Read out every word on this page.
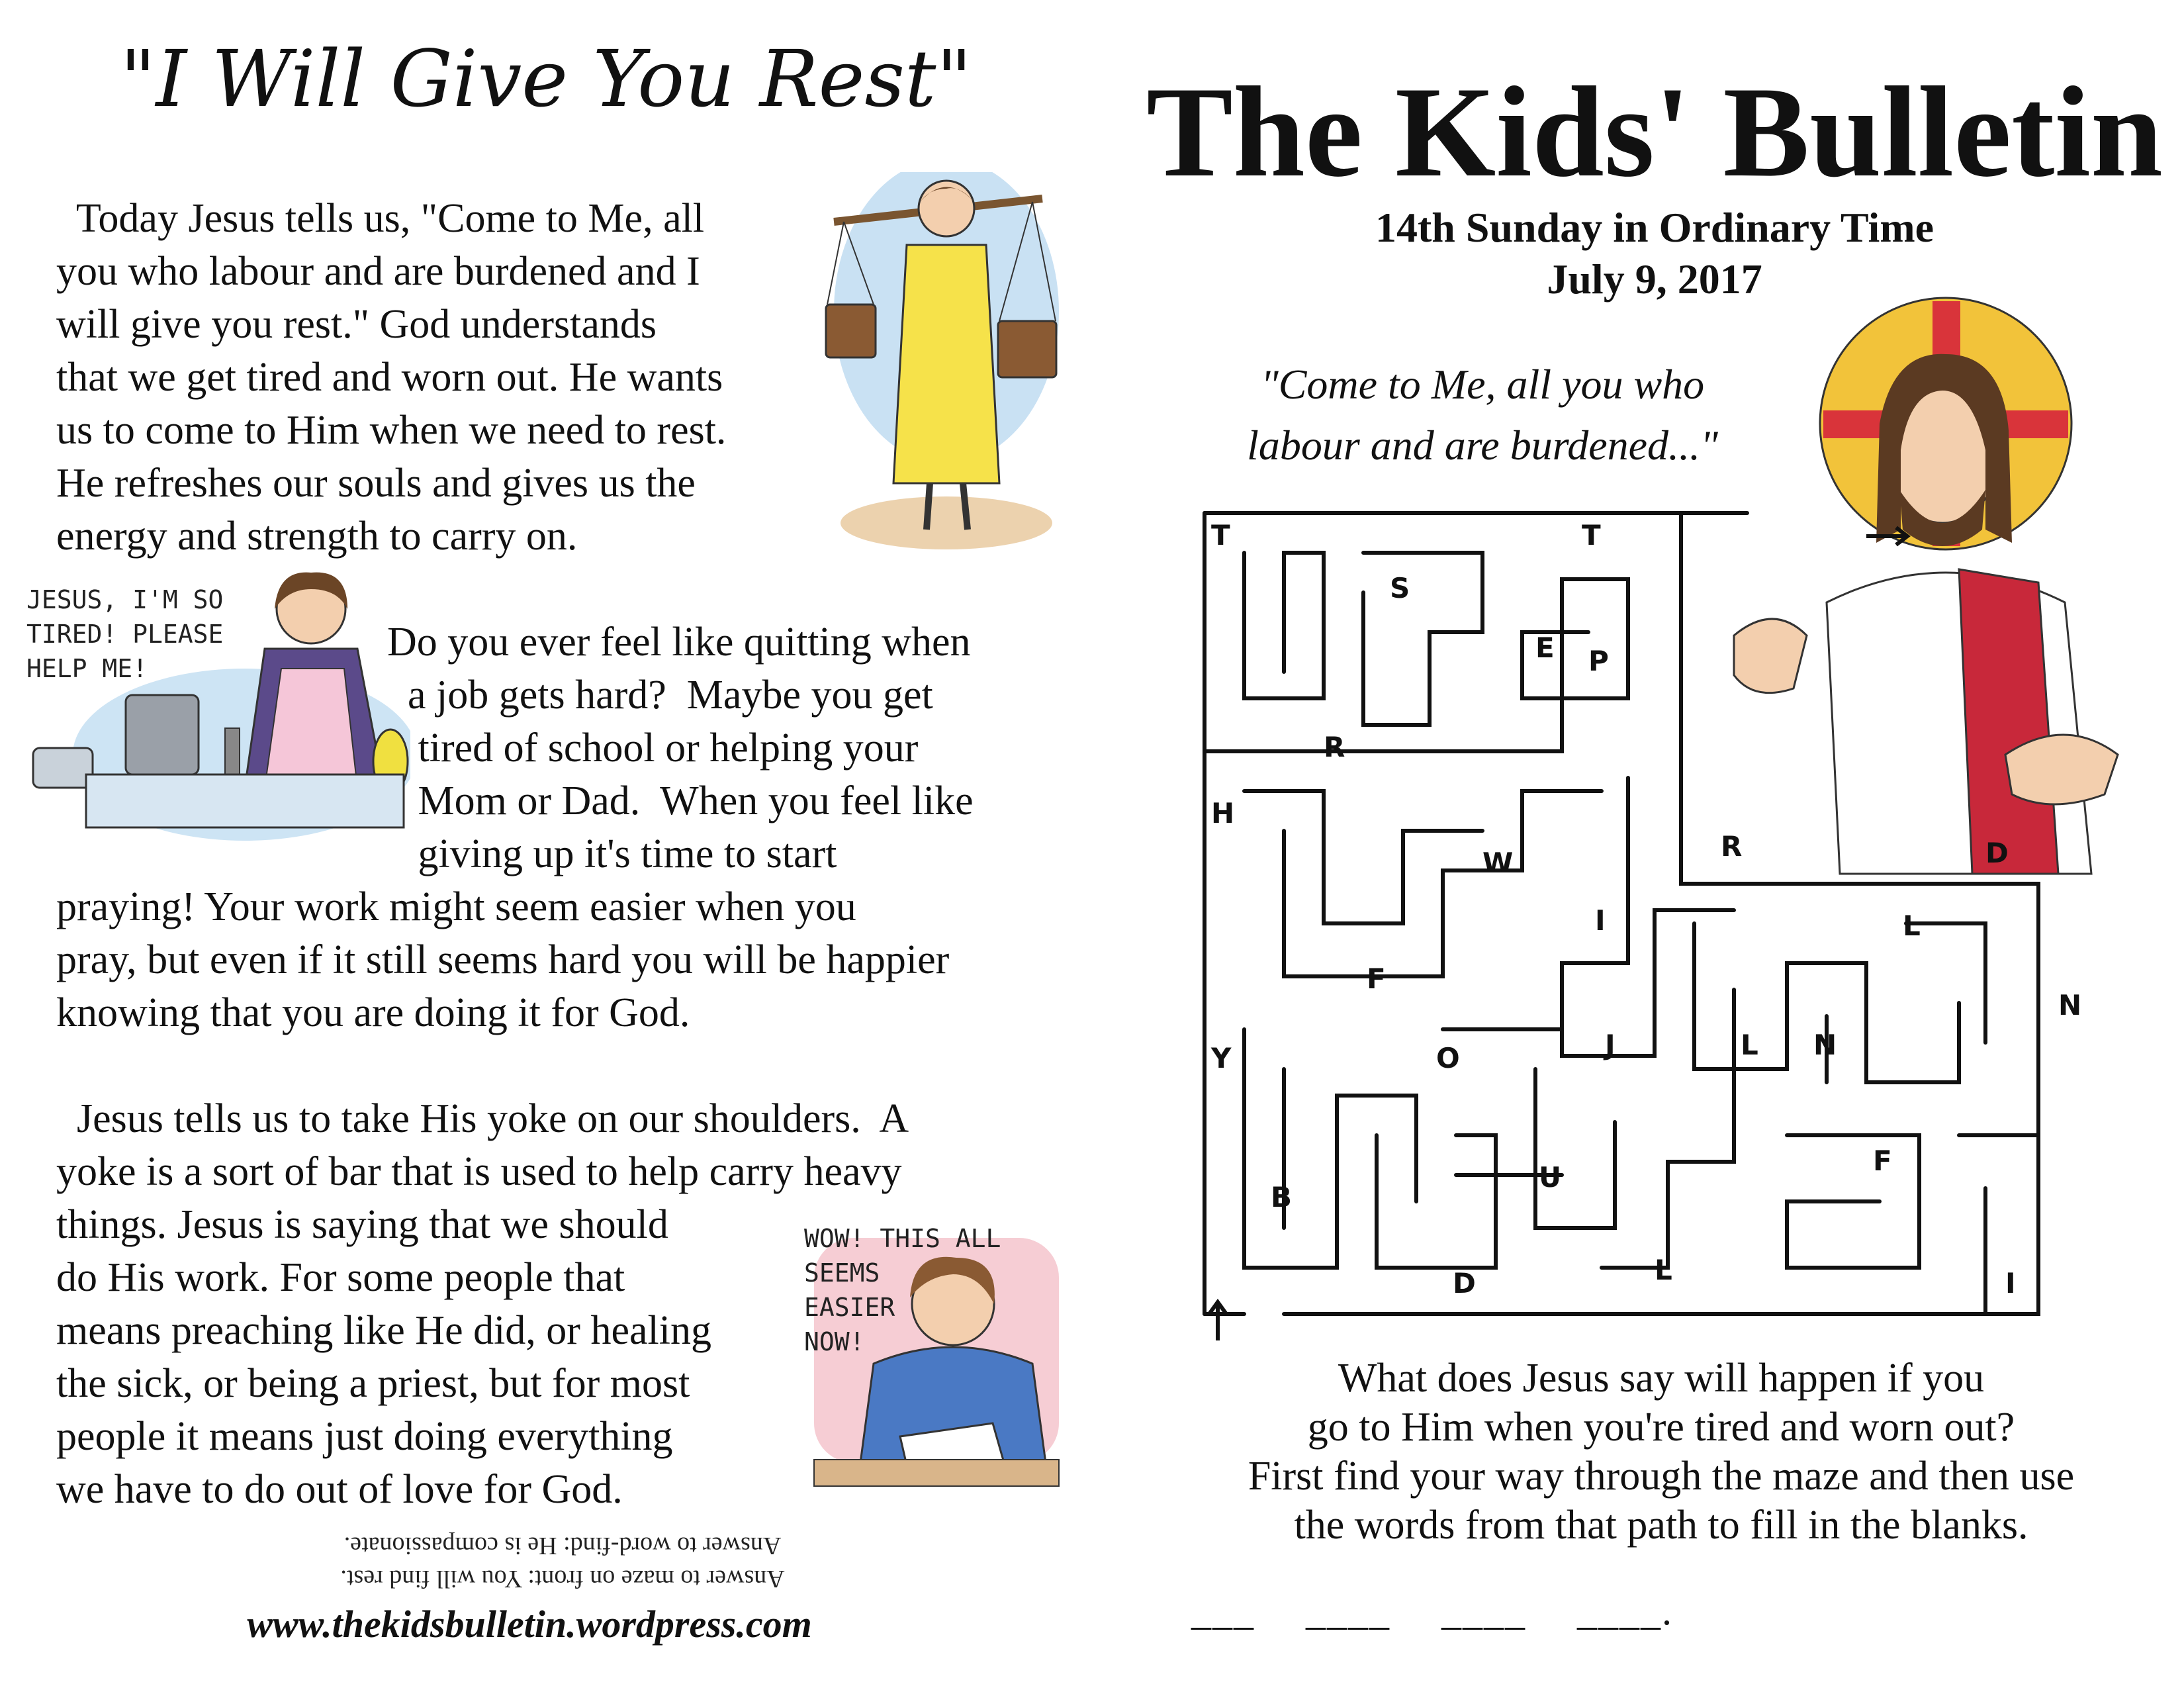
"I Will Give You Rest"
Today Jesus tells us, "Come to Me, all
you who labour and are burdened and I
will give you rest." God understands
that we get tired and worn out. He wants
us to come to Him when we need to rest.
He refreshes our souls and gives us the
energy and strength to carry on.
JESUS, I'M SO
TIRED! PLEASE
HELP ME!
Do you ever feel like quitting when
a job gets hard?  Maybe you get
tired of school or helping your
Mom or Dad.  When you feel like
giving up it's time to start
praying! Your work might seem easier when you
pray, but even if it still seems hard you will be happier
knowing that you are doing it for God.
Jesus tells us to take His yoke on our shoulders.  A
yoke is a sort of bar that is used to help carry heavy
things. Jesus is saying that we should
do His work. For some people that
means preaching like He did, or healing
the sick, or being a priest, but for most
people it means just doing everything
we have to do out of love for God.
WOW! THIS ALL
SEEMS
EASIER
NOW!
Answer to maze on front: You will find rest.
Answer to word-find: He is compassionate.
www.thekidsbulletin.wordpress.com
The Kids' Bulletin
14th Sunday in Ordinary Time
July 9, 2017
"Come to Me, all you who
labour and are burdened..."
T	T
S
E P
R
H
W
R	D
I	L
F
N
Y	O	J	L N
B
U
F
D	L	I
What does Jesus say will happen if you
go to Him when you're tired and worn out?
First find your way through the maze and then use
the words from that path to fill in the blanks.
___ ____ ____ ____.
